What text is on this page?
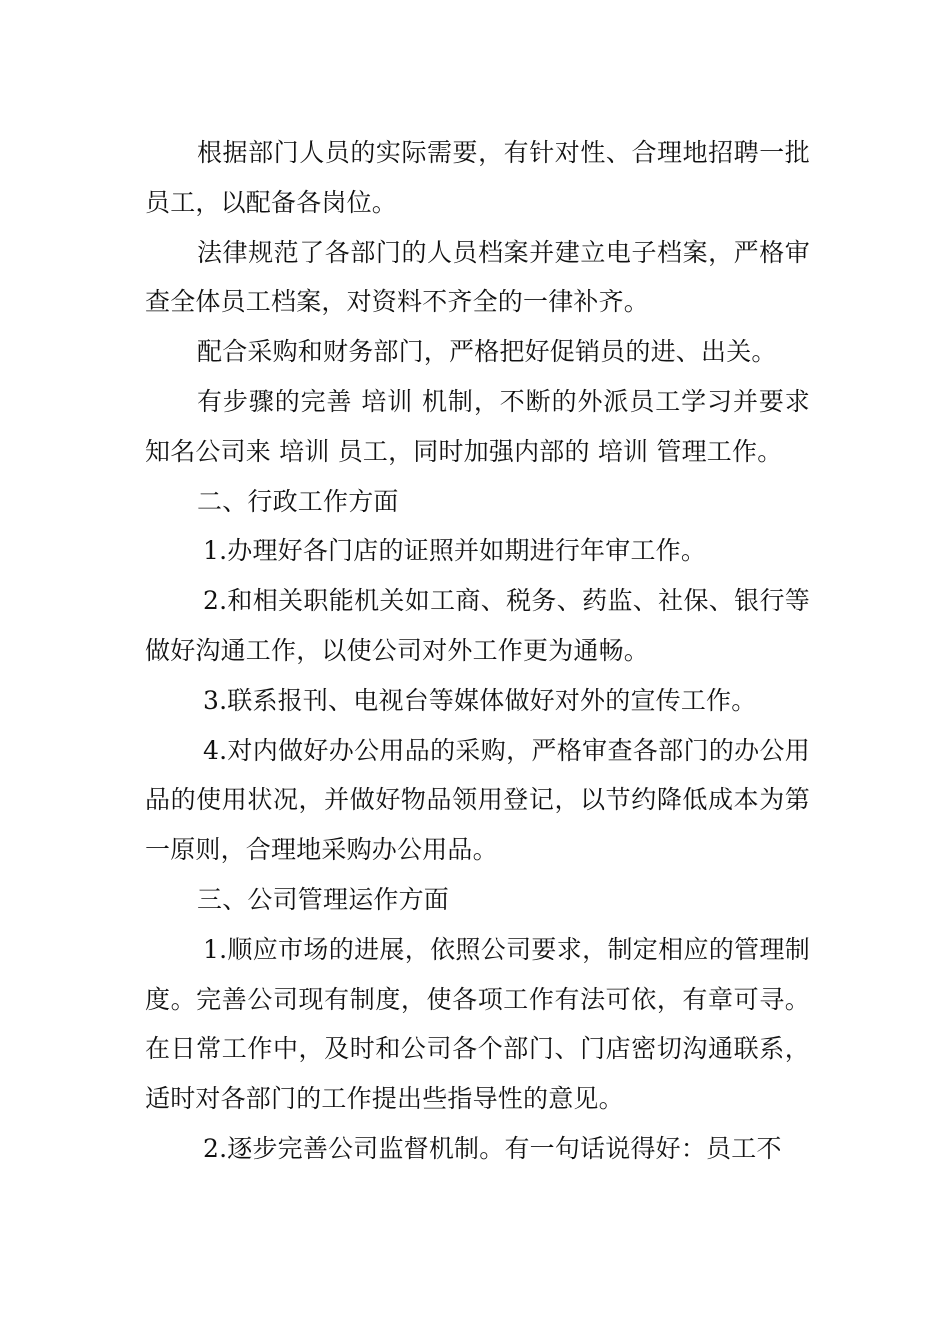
根据部门人员的实际需要，有针对性、合理地招聘一批员工，以配备各岗位。

法律规范了各部门的人员档案并建立电子档案，严格审查全体员工档案，对资料不齐全的一律补齐。

配合采购和财务部门，严格把好促销员的进、出关。

有步骤的完善 培训 机制，不断的外派员工学习并要求知名公司来 培训 员工，同时加强内部的 培训 管理工作。

二、行政工作方面

1.办理好各门店的证照并如期进行年审工作。

2.和相关职能机关如工商、税务、药监、社保、银行等做好沟通工作，以使公司对外工作更为通畅。

3.联系报刊、电视台等媒体做好对外的宣传工作。

4.对内做好办公用品的采购，严格审查各部门的办公用品的使用状况，并做好物品领用登记，以节约降低成本为第一原则，合理地采购办公用品。

三、公司管理运作方面

1.顺应市场的进展，依照公司要求，制定相应的管理制度。完善公司现有制度，使各项工作有法可依，有章可寻。在日常工作中，及时和公司各个部门、门店密切沟通联系，适时对各部门的工作提出些指导性的意见。

2.逐步完善公司监督机制。有一句话说得好：员工不
